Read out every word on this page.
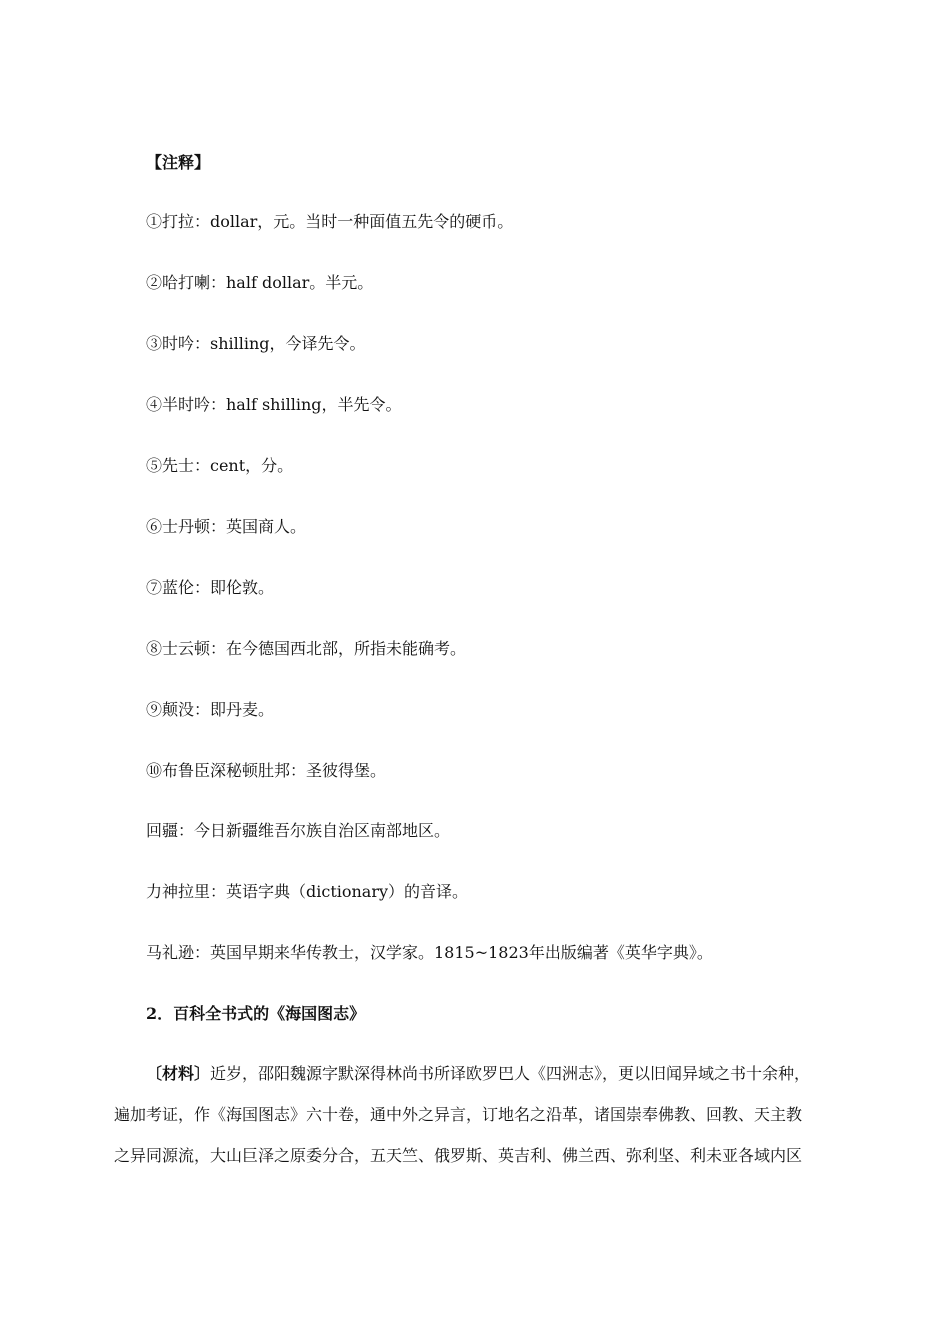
【注释】
①打拉：dollar，元。当时一种面值五先令的硬币。
②哈打喇：half dollar。半元。
③时吟：shilling，今译先令。
④半时吟：half shilling，半先令。
⑤先士：cent，分。
⑥士丹顿：英国商人。
⑦蓝伦：即伦敦。
⑧士云顿：在今德国西北部，所指未能确考。
⑨颠没：即丹麦。
⑩布鲁臣深秘顿肚邦：圣彼得堡。
回疆：今日新疆维吾尔族自治区南部地区。
力神拉里：英语字典（dictionary）的音译。
马礼逊：英国早期来华传教士，汉学家。1815~1823年出版编著《英华字典》。
2．百科全书式的《海国图志》
〔材料〕近岁，邵阳魏源字默深得林尚书所译欧罗巴人《四洲志》，更以旧闻异域之书十余种，
遍加考证，作《海国图志》六十卷，通中外之异言，订地名之沿革，诸国崇奉佛教、回教、天主教
之异同源流，大山巨泽之原委分合，五天竺、俄罗斯、英吉利、佛兰西、弥利坚、利未亚各域内区
